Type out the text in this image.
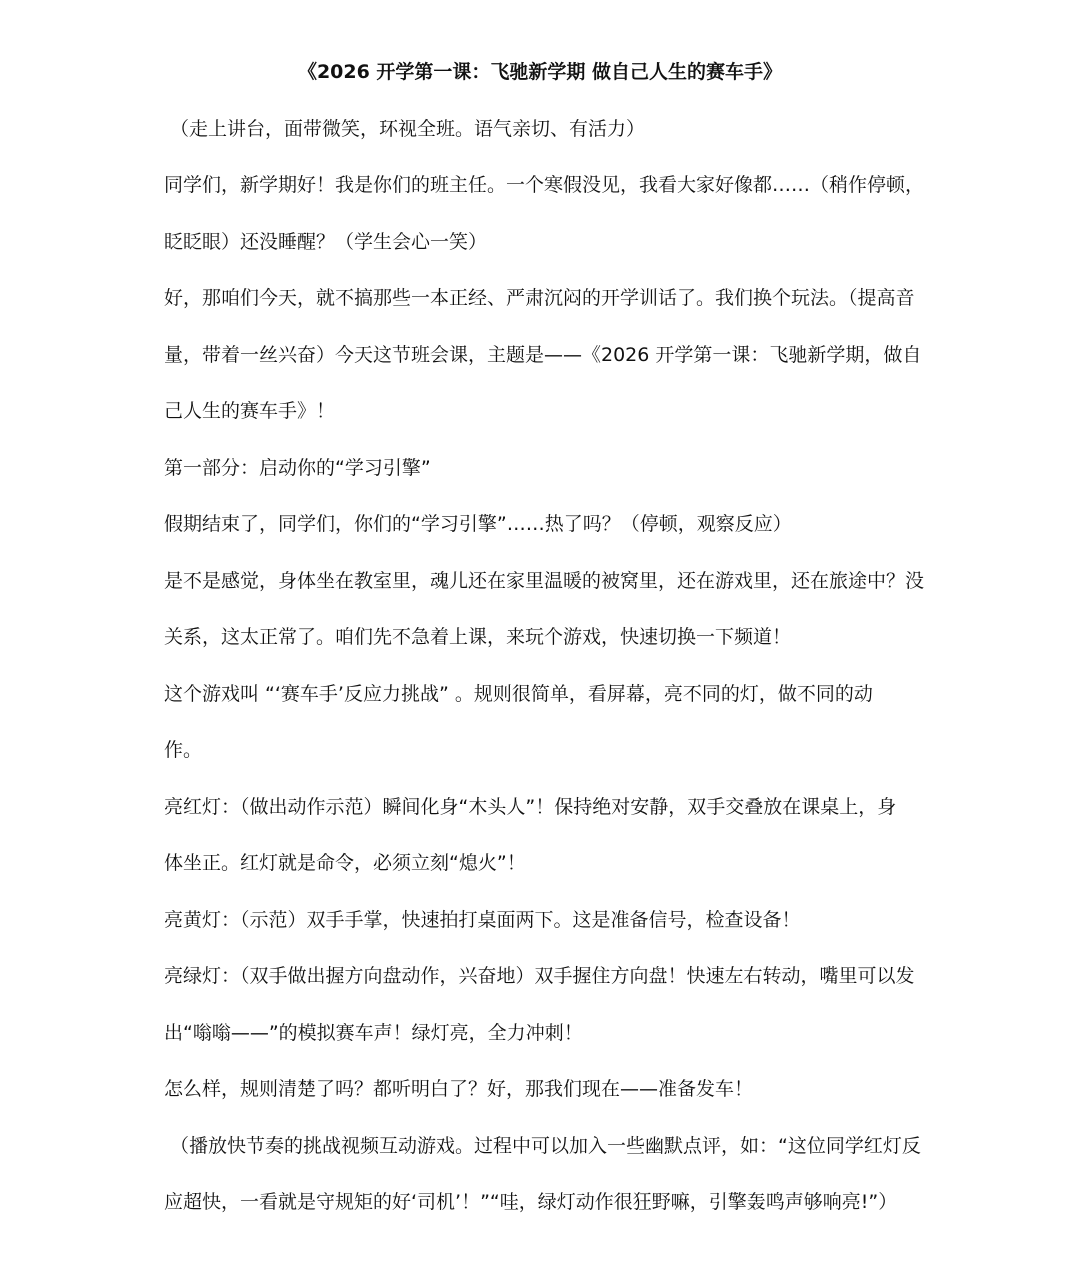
《2026 开学第一课：飞驰新学期 做自己人生的赛车手》
（走上讲台，面带微笑，环视全班。语气亲切、有活力）
同学们，新学期好！我是你们的班主任。一个寒假没见，我看大家好像都……（稍作停顿，
眨眨眼）还没睡醒？（学生会心一笑）
好，那咱们今天，就不搞那些一本正经、严肃沉闷的开学训话了。我们换个玩法。（提高音
量，带着一丝兴奋）今天这节班会课，主题是——《2026 开学第一课：飞驰新学期，做自
己人生的赛车手》！
第一部分：启动你的“学习引擎”
假期结束了，同学们，你们的“学习引擎”……热了吗？（停顿，观察反应）
是不是感觉，身体坐在教室里，魂儿还在家里温暖的被窝里，还在游戏里，还在旅途中？没
关系，这太正常了。咱们先不急着上课，来玩个游戏，快速切换一下频道！
这个游戏叫 “‘赛车手’反应力挑战” 。规则很简单，看屏幕，亮不同的灯，做不同的动
作。
亮红灯：（做出动作示范）瞬间化身“木头人”！保持绝对安静，双手交叠放在课桌上，身
体坐正。红灯就是命令，必须立刻“熄火”！
亮黄灯：（示范）双手手掌，快速拍打桌面两下。这是准备信号，检查设备！
亮绿灯：（双手做出握方向盘动作，兴奋地）双手握住方向盘！快速左右转动，嘴里可以发
出“嗡嗡——”的模拟赛车声！绿灯亮，全力冲刺！
怎么样，规则清楚了吗？都听明白了？好，那我们现在——准备发车！
（播放快节奏的挑战视频互动游戏。过程中可以加入一些幽默点评，如：“这位同学红灯反
应超快，一看就是守规矩的好‘司机’！”“哇，绿灯动作很狂野嘛，引擎轰鸣声够响亮!”）
